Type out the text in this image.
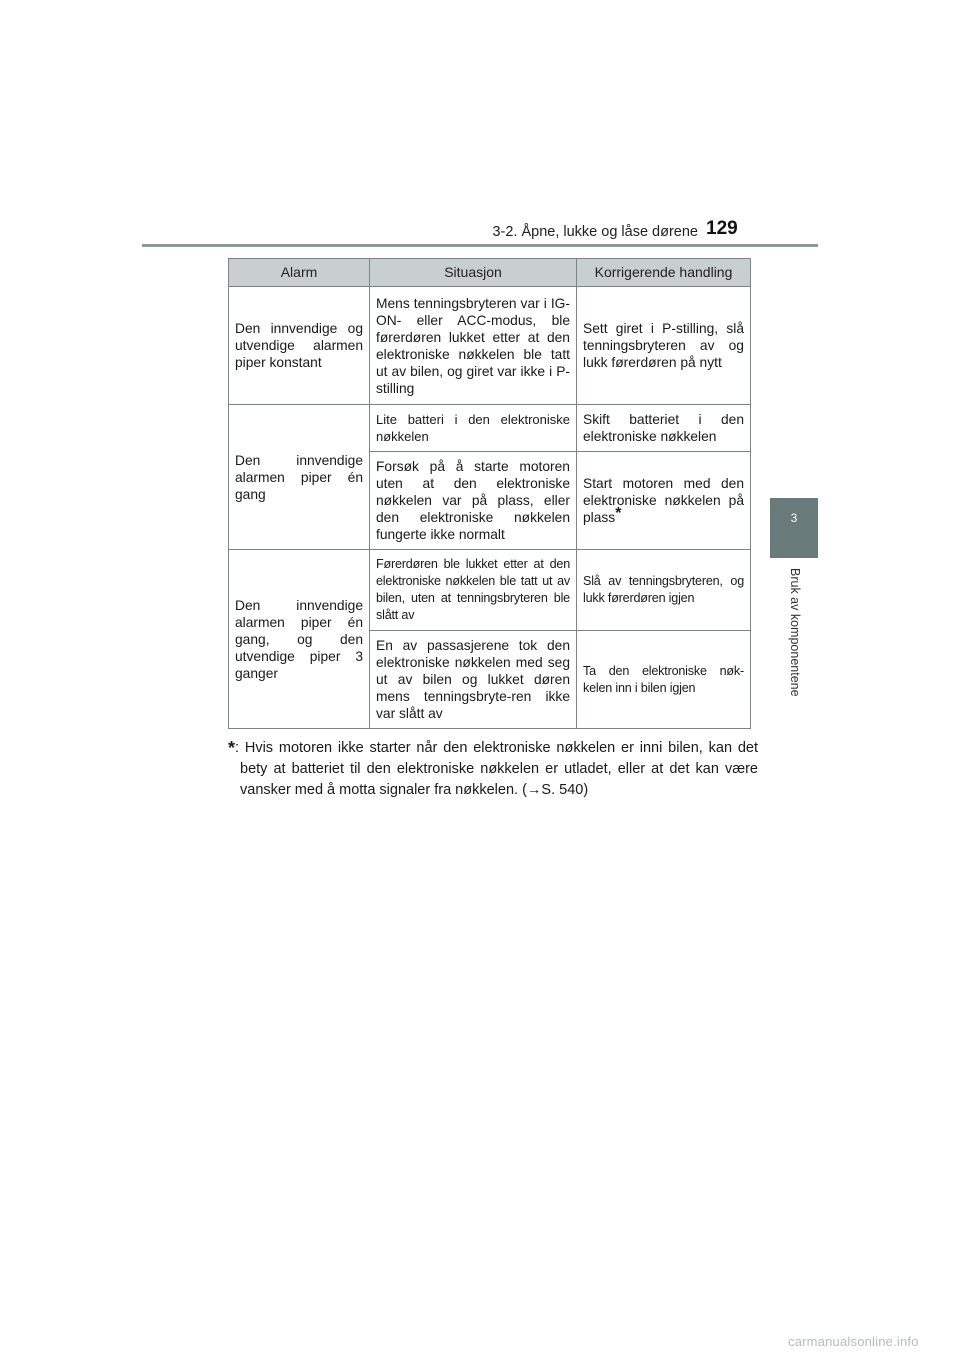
3-2. Åpne, lukke og låse dørene 129
3
Bruk av komponentene
Alarm	Situasjon	Korrigerende handling
Den innvendige og utvendige alarmen piper konstant	Mens tenningsbryteren var i IG-ON- eller ACC-modus, ble førerdøren lukket etter at den elektroniske nøkkelen ble tatt ut av bilen, og giret var ikke i P-stilling	Sett giret i P-stilling, slå tenningsbryteren av og lukk førerdøren på nytt
Den innvendige alarmen piper én gang	Lite batteri i den elektroniske nøkkelen	Skift batteriet i den elektroniske nøkkelen
	Forsøk på å starte motoren uten at den elektroniske nøkkelen var på plass, eller den elektroniske nøkkelen fungerte ikke normalt	Start motoren med den elektroniske nøkkelen på plass*
Den innvendige alarmen piper én gang, og den utvendige piper 3 ganger	Førerdøren ble lukket etter at den elektroniske nøkkelen ble tatt ut av bilen, uten at tenningsbryteren ble slått av	Slå av tenningsbryteren, og lukk førerdøren igjen
	En av passasjerene tok den elektroniske nøkkelen med seg ut av bilen og lukket døren mens tenningsbryte-ren ikke var slått av	Ta den elektroniske nøk-kelen inn i bilen igjen
*: Hvis motoren ikke starter når den elektroniske nøkkelen er inni bilen, kan det bety at batteriet til den elektroniske nøkkelen er utladet, eller at det kan være vansker med å motta signaler fra nøkkelen. (→S. 540)
carmanualsonline.info
